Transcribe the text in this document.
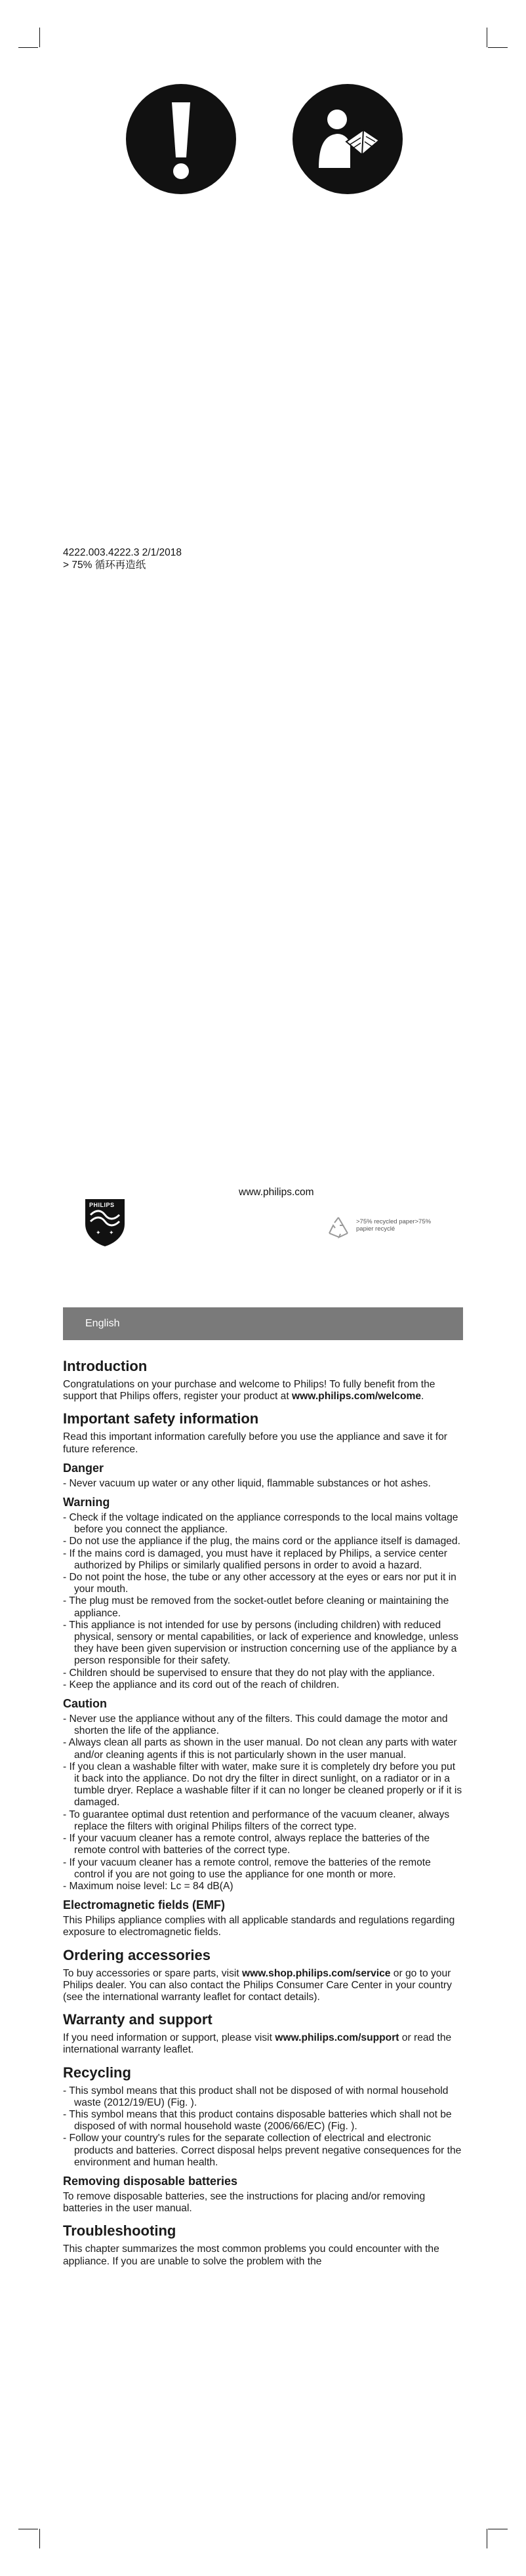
4222.003.4222.3 2/1/2018
> 75% 循环再造纸
www.philips.com
✦ ✦
PHILIPS
>75% recycled paper>75%
papier recyclé
English
Introduction

Congratulations on your purchase and welcome to Philips! To fully benefit from the support that Philips offers, register your product at www.philips.com/welcome.

Important safety information

Read this important information carefully before you use the appliance and save it for future reference.

Danger
- Never vacuum up water or any other liquid, flammable substances or hot ashes.
Warning
- Check if the voltage indicated on the appliance corresponds to the local mains voltage before you connect the appliance.
- Do not use the appliance if the plug, the mains cord or the appliance itself is damaged.
- If the mains cord is damaged, you must have it replaced by Philips, a service center authorized by Philips or similarly qualified persons in order to avoid a hazard.
- Do not point the hose, the tube or any other accessory at the eyes or ears nor put it in your mouth.
- The plug must be removed from the socket-outlet before cleaning or maintaining the appliance.
- This appliance is not intended for use by persons (including children) with reduced physical, sensory or mental capabilities, or lack of experience and knowledge, unless they have been given supervision or instruction concerning use of the appliance by a person responsible for their safety.
- Children should be supervised to ensure that they do not play with the appliance.
- Keep the appliance and its cord out of the reach of children.
Caution
- Never use the appliance without any of the filters. This could damage the motor and shorten the life of the appliance.
- Always clean all parts as shown in the user manual. Do not clean any parts with water and/or cleaning agents if this is not particularly shown in the user manual.
- If you clean a washable filter with water, make sure it is completely dry before you put it back into the appliance. Do not dry the filter in direct sunlight, on a radiator or in a tumble dryer. Replace a washable filter if it can no longer be cleaned properly or if it is damaged.
- To guarantee optimal dust retention and performance of the vacuum cleaner, always replace the filters with original Philips filters of the correct type.
- If your vacuum cleaner has a remote control, always replace the batteries of the remote control with batteries of the correct type.
- If your vacuum cleaner has a remote control, remove the batteries of the remote control if you are not going to use the appliance for one month or more.
- Maximum noise level: Lc = 84 dB(A)
Electromagnetic fields (EMF)

This Philips appliance complies with all applicable standards and regulations regarding exposure to electromagnetic fields.

Ordering accessories

To buy accessories or spare parts, visit www.shop.philips.com/service or go to your Philips dealer. You can also contact the Philips Consumer Care Center in your country (see the international warranty leaflet for contact details).

Warranty and support

If you need information or support, please visit www.philips.com/support or read the international warranty leaflet.

Recycling
- This symbol means that this product shall not be disposed of with normal household waste (2012/19/EU) (Fig. ).
- This symbol means that this product contains disposable batteries which shall not be disposed of with normal household waste (2006/66/EC) (Fig. ).
- Follow your country's rules for the separate collection of electrical and electronic products and batteries. Correct disposal helps prevent negative consequences for the environment and human health.
Removing disposable batteries

To remove disposable batteries, see the instructions for placing and/or removing batteries in the user manual.

Troubleshooting

This chapter summarizes the most common problems you could encounter with the appliance. If you are unable to solve the problem with the
